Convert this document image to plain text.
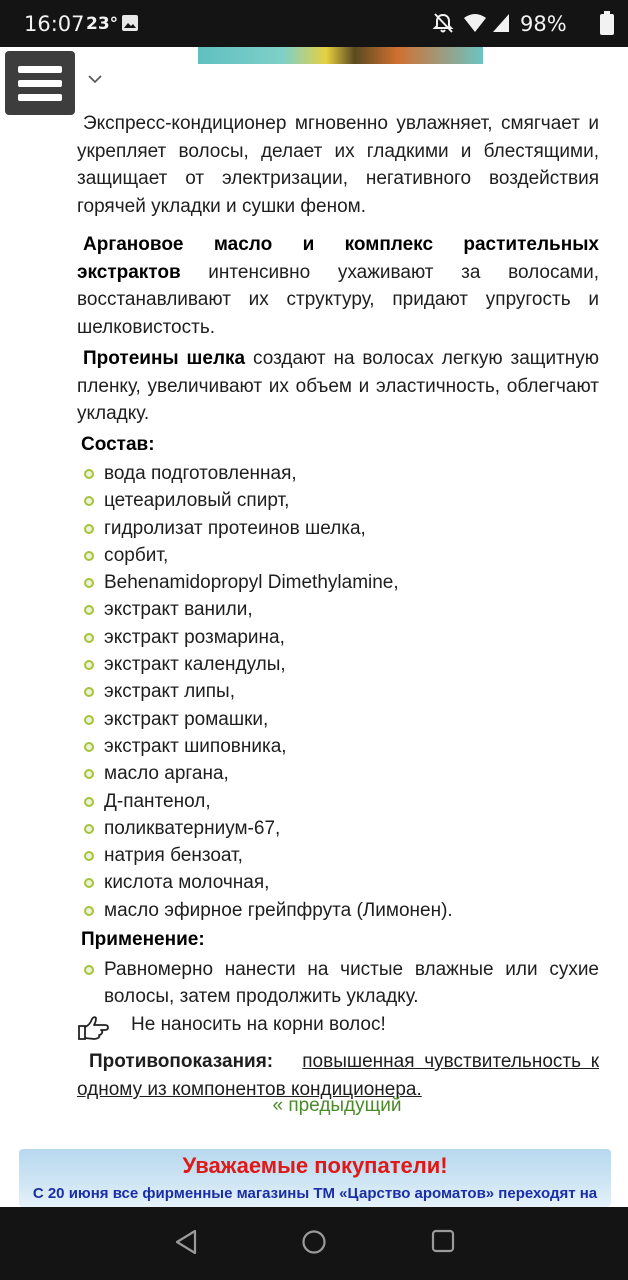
16:07 23°	98%

Экспресс-кондиционер мгновенно увлажняет, смягчает и укрепляет волосы, делает их гладкими и блестящими, защищает от электризации, негативного воздействия горячей укладки и сушки феном.

Аргановое масло и комплекс растительных экстрактов интенсивно ухаживают за волосами, восстанавливают их структуру, придают упругость и шелковистость.

Протеины шелка создают на волосах легкую защитную пленку, увеличивают их объем и эластичность, облегчают укладку.

Состав:

вода подготовленная,
цетеариловый спирт,
гидролизат протеинов шелка,
сорбит,
Behenamidopropyl Dimethylamine,
экстракт ванили,
экстракт розмарина,
экстракт календулы,
экстракт липы,
экстракт ромашки,
экстракт шиповника,
масло аргана,
Д-пантенол,
поликватерниум-67,
натрия бензоат,
кислота молочная,
масло эфирное грейпфрута (Лимонен).

Применение:

Равномерно нанести на чистые влажные или сухие волосы, затем продолжить укладку.
Не наносить на корни волос!

Противопоказания: повышенная чувствительность к одному из компонентов кондиционера.

« предыдущий
Уважаемые покупатели!
С 20 июня все фирменные магазины ТМ «Царство ароматов» переходят на
